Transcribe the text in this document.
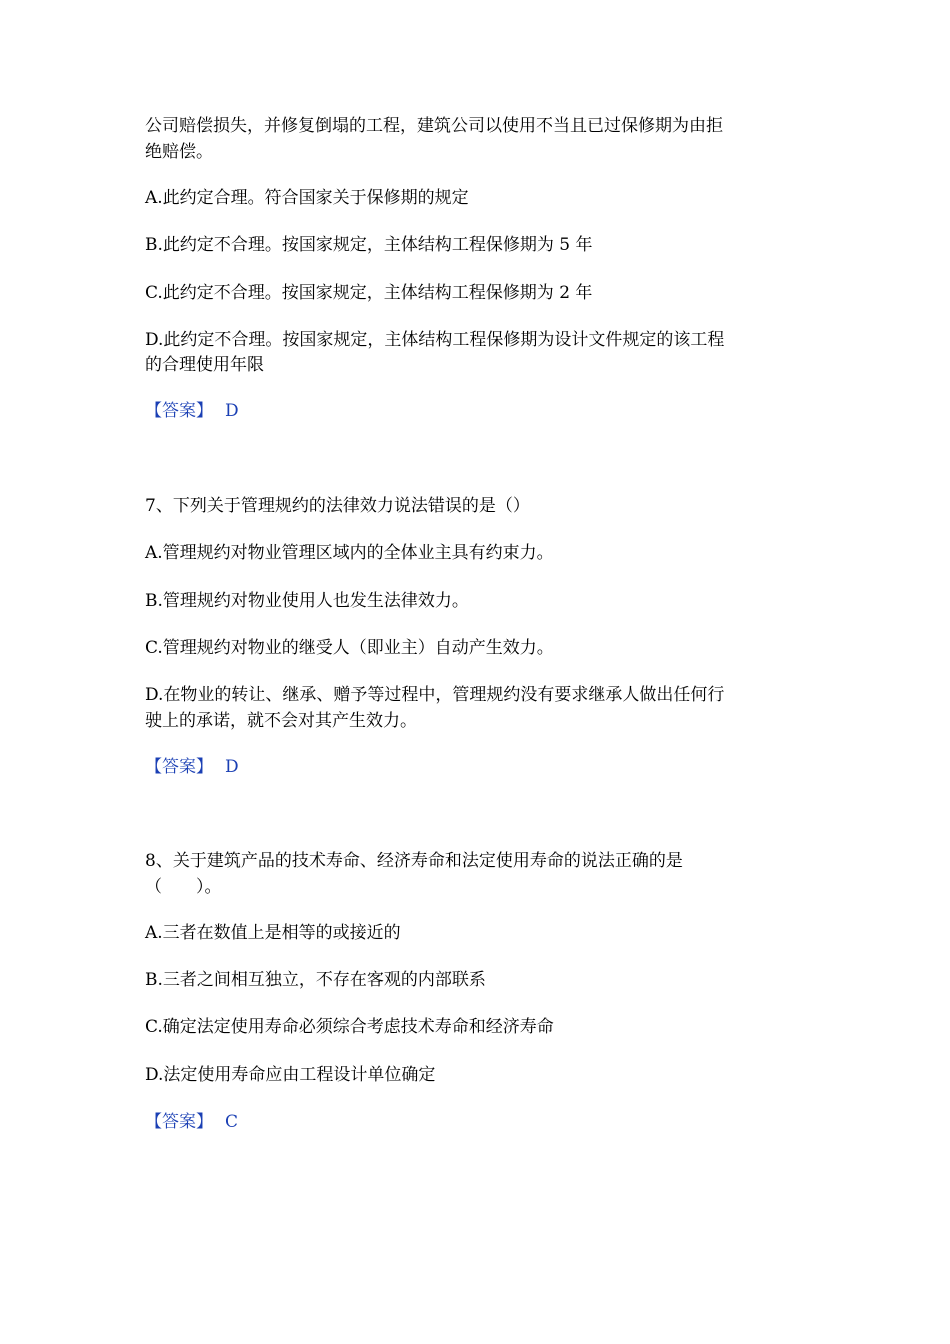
公司赔偿损失，并修复倒塌的工程，建筑公司以使用不当且已过保修期为由拒
绝赔偿。
A.此约定合理。符合国家关于保修期的规定
B.此约定不合理。按国家规定，主体结构工程保修期为 5 年
C.此约定不合理。按国家规定，主体结构工程保修期为 2 年
D.此约定不合理。按国家规定，主体结构工程保修期为设计文件规定的该工程
的合理使用年限
【答案】 D
7、下列关于管理规约的法律效力说法错误的是（）
A.管理规约对物业管理区域内的全体业主具有约束力。
B.管理规约对物业使用人也发生法律效力。
C.管理规约对物业的继受人（即业主）自动产生效力。
D.在物业的转让、继承、赠予等过程中，管理规约没有要求继承人做出任何行
驶上的承诺，就不会对其产生效力。
【答案】 D
8、关于建筑产品的技术寿命、经济寿命和法定使用寿命的说法正确的是
（　　）。
A.三者在数值上是相等的或接近的
B.三者之间相互独立，不存在客观的内部联系
C.确定法定使用寿命必须综合考虑技术寿命和经济寿命
D.法定使用寿命应由工程设计单位确定
【答案】 C
